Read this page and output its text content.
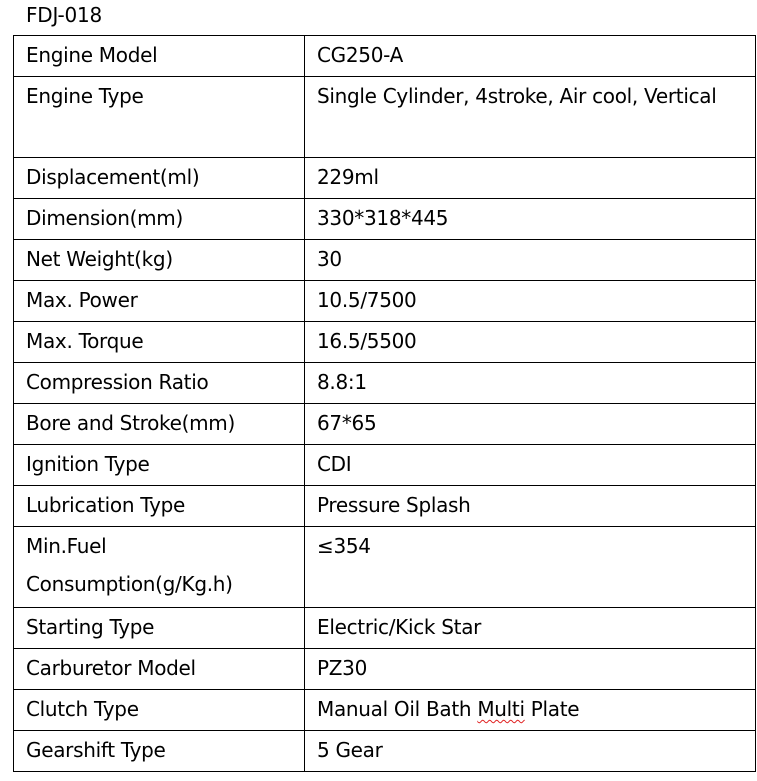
FDJ-018
Engine Model	CG250-A
Engine Type	Single Cylinder, 4stroke, Air cool, Vertical
Displacement(ml)	229ml
Dimension(mm)	330*318*445
Net Weight(kg)	30
Max. Power	10.5/7500
Max. Torque	16.5/5500
Compression Ratio	8.8:1
Bore and Stroke(mm)	67*65
Ignition Type	CDI
Lubrication Type	Pressure Splash
Min.Fuel Consumption(g/Kg.h)	≤354
Starting Type	Electric/Kick Star
Carburetor Model	PZ30
Clutch Type	Manual Oil Bath Multi Plate
Gearshift Type	5 Gear
